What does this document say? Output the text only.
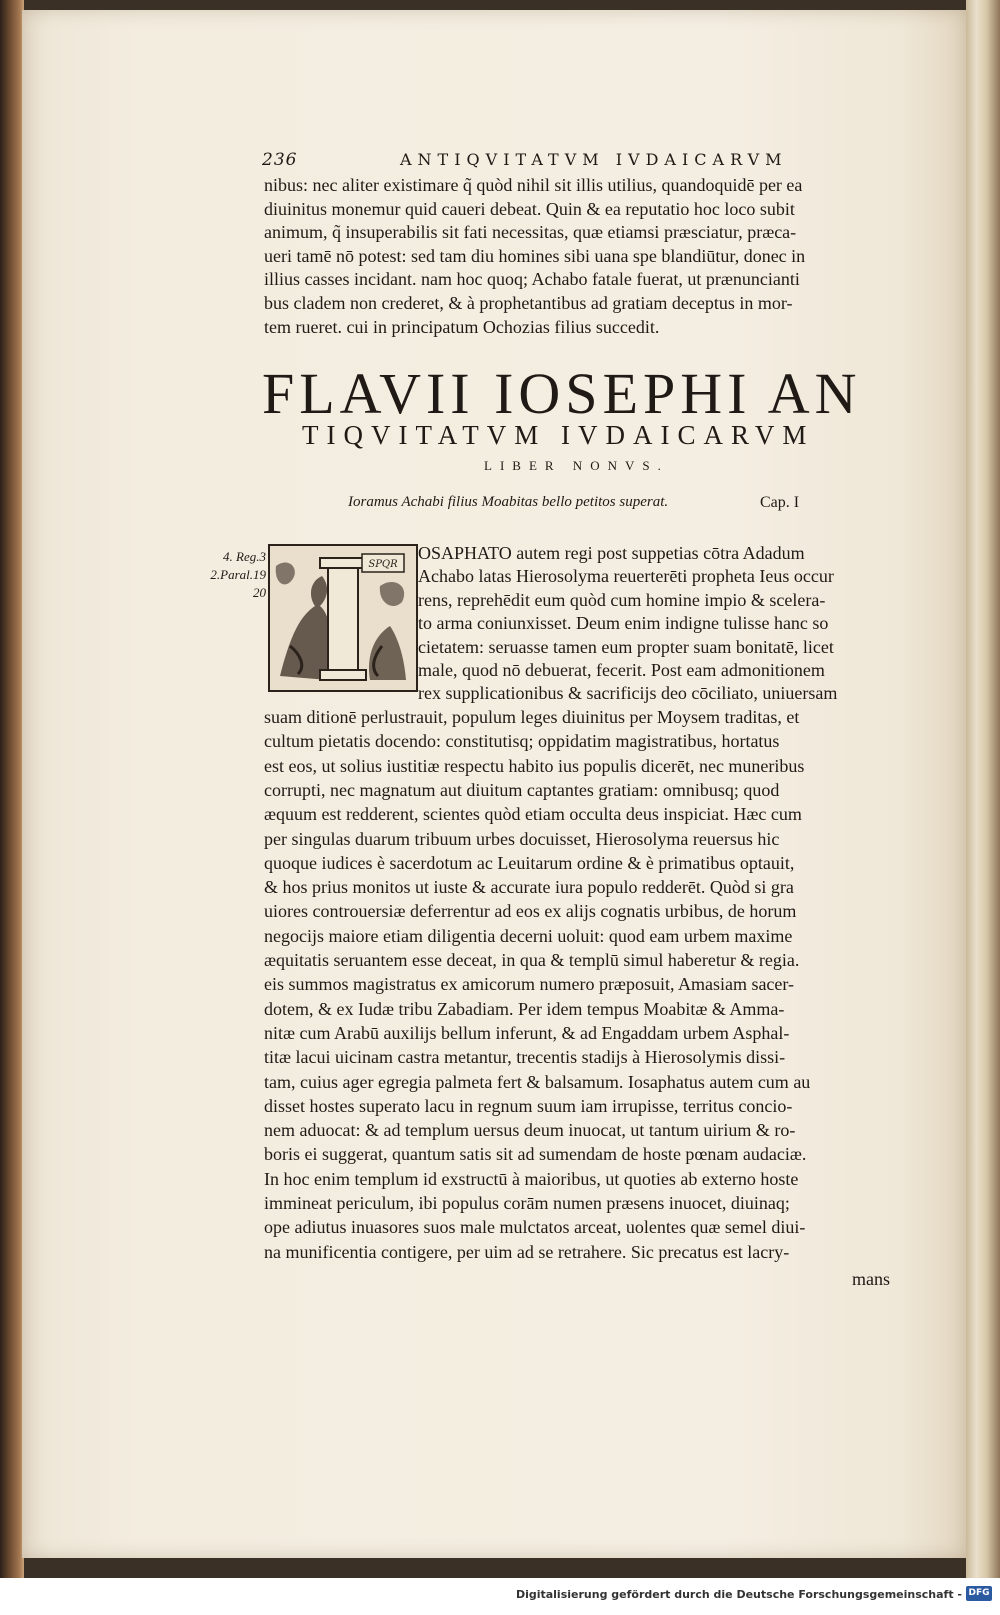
236	ANTIQVITATVM IVDAICARVM
nibus: nec aliter existimare q̃ quòd nihil sit illis utilius, quandoquidē per ea
diuinitus monemur quid caueri debeat. Quin & ea reputatio hoc loco subit
animum, q̃ insuperabilis sit fati necessitas, quæ etiamsi præsciatur, præca-
ueri tamē nō potest: sed tam diu homines sibi uana spe blandiūtur, donec in
illius casses incidant. nam hoc quoq; Achabo fatale fuerat, ut prænuncianti
bus cladem non crederet, & à prophetantibus ad gratiam deceptus in mor-
tem rueret. cui in principatum Ochozias filius succedit.
FLAVII IOSEPHI AN
TIQVITATVM IVDAICARVM
LIBER NONVS.
Ioramus Achabi filius Moabitas bello petitos superat.	Cap. I
4. Reg.3
2.Paral.19
20
SPQR
OSAPHATO autem regi post suppetias cōtra Adadum
Achabo latas Hierosolyma reuerterēti propheta Ieus occur
rens, reprehēdit eum quòd cum homine impio & scelera-
to arma coniunxisset. Deum enim indigne tulisse hanc so
cietatem: seruasse tamen eum propter suam bonitatē, licet
male, quod nō debuerat, fecerit. Post eam admonitionem
rex supplicationibus & sacrificijs deo cōciliato, uniuersam
suam ditionē perlustrauit, populum leges diuinitus per Moysem traditas, et
cultum pietatis docendo: constitutisq; oppidatim magistratibus, hortatus
est eos, ut solius iustitiæ respectu habito ius populis dicerēt, nec muneribus
corrupti, nec magnatum aut diuitum captantes gratiam: omnibusq; quod
æquum est redderent, scientes quòd etiam occulta deus inspiciat. Hæc cum
per singulas duarum tribuum urbes docuisset, Hierosolyma reuersus hic
quoque iudices è sacerdotum ac Leuitarum ordine & è primatibus optauit,
& hos prius monitos ut iuste & accurate iura populo redderēt. Quòd si gra
uiores controuersiæ deferrentur ad eos ex alijs cognatis urbibus, de horum
negocijs maiore etiam diligentia decerni uoluit: quod eam urbem maxime
æquitatis seruantem esse deceat, in qua & templū simul haberetur & regia.
eis summos magistratus ex amicorum numero præposuit, Amasiam sacer-
dotem, & ex Iudæ tribu Zabadiam. Per idem tempus Moabitæ & Amma-
nitæ cum Arabū auxilijs bellum inferunt, & ad Engaddam urbem Asphal-
titæ lacui uicinam castra metantur, trecentis stadijs à Hierosolymis dissi-
tam, cuius ager egregia palmeta fert & balsamum. Iosaphatus autem cum au
disset hostes superato lacu in regnum suum iam irrupisse, territus concio-
nem aduocat: & ad templum uersus deum inuocat, ut tantum uirium & ro-
boris ei suggerat, quantum satis sit ad sumendam de hoste pœnam audaciæ.
In hoc enim templum id exstructū à maioribus, ut quoties ab externo hoste
immineat periculum, ibi populus corām numen præsens inuocet, diuinaq;
ope adiutus inuasores suos male mulctatos arceat, uolentes quæ semel diui-
na munificentia contigere, per uim ad se retrahere. Sic precatus est lacry-
mans
Digitalisierung gefördert durch die Deutsche Forschungsgemeinschaft - DFG
